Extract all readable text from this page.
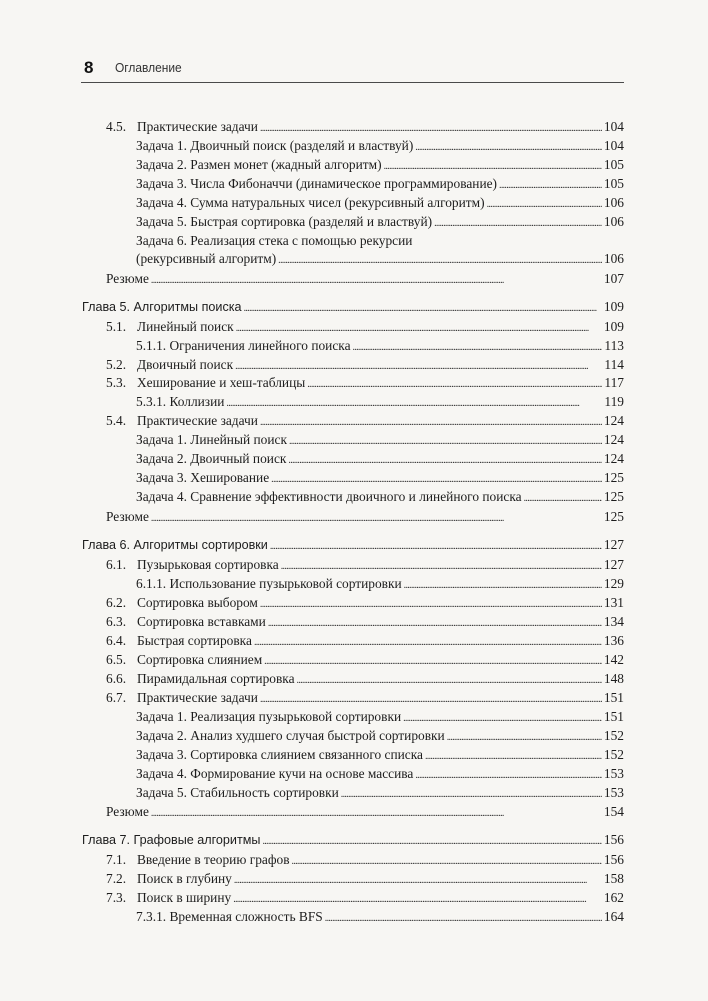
8 Оглавление
4.5. Практические задачи . . .	104
Задача 1. Двоичный поиск (разделяй и властвуй) . . .	104
Задача 2. Размен монет (жадный алгоритм) . . .	105
Задача 3. Числа Фибоначчи (динамическое программирование) . . .	105
Задача 4. Сумма натуральных чисел (рекурсивный алгоритм) . . .	106
Задача 5. Быстрая сортировка (разделяй и властвуй) . . .	106
Задача 6. Реализация стека с помощью рекурсии
(рекурсивный алгоритм) . . .	106
Резюме . . .	107
Глава 5. Алгоритмы поиска . . .	109
5.1. Линейный поиск . . .	109
5.1.1. Ограничения линейного поиска . . .	113
5.2. Двоичный поиск . . .	114
5.3. Хеширование и хеш-таблицы . . .	117
5.3.1. Коллизии . . .	119
5.4. Практические задачи . . .	124
Задача 1. Линейный поиск . . .	124
Задача 2. Двоичный поиск . . .	124
Задача 3. Хеширование . . .	125
Задача 4. Сравнение эффективности двоичного и линейного поиска . . .	125
Резюме . . .	125
Глава 6. Алгоритмы сортировки . . .	127
6.1. Пузырьковая сортировка . . .	127
6.1.1. Использование пузырьковой сортировки . . .	129
6.2. Сортировка выбором . . .	131
6.3. Сортировка вставками . . .	134
6.4. Быстрая сортировка . . .	136
6.5. Сортировка слиянием . . .	142
6.6. Пирамидальная сортировка . . .	148
6.7. Практические задачи . . .	151
Задача 1. Реализация пузырьковой сортировки . . .	151
Задача 2. Анализ худшего случая быстрой сортировки . . .	152
Задача 3. Сортировка слиянием связанного списка . . .	152
Задача 4. Формирование кучи на основе массива . . .	153
Задача 5. Стабильность сортировки . . .	153
Резюме . . .	154
Глава 7. Графовые алгоритмы . . .	156
7.1. Введение в теорию графов . . .	156
7.2. Поиск в глубину . . .	158
7.3. Поиск в ширину . . .	162
7.3.1. Временная сложность BFS . . .	164
